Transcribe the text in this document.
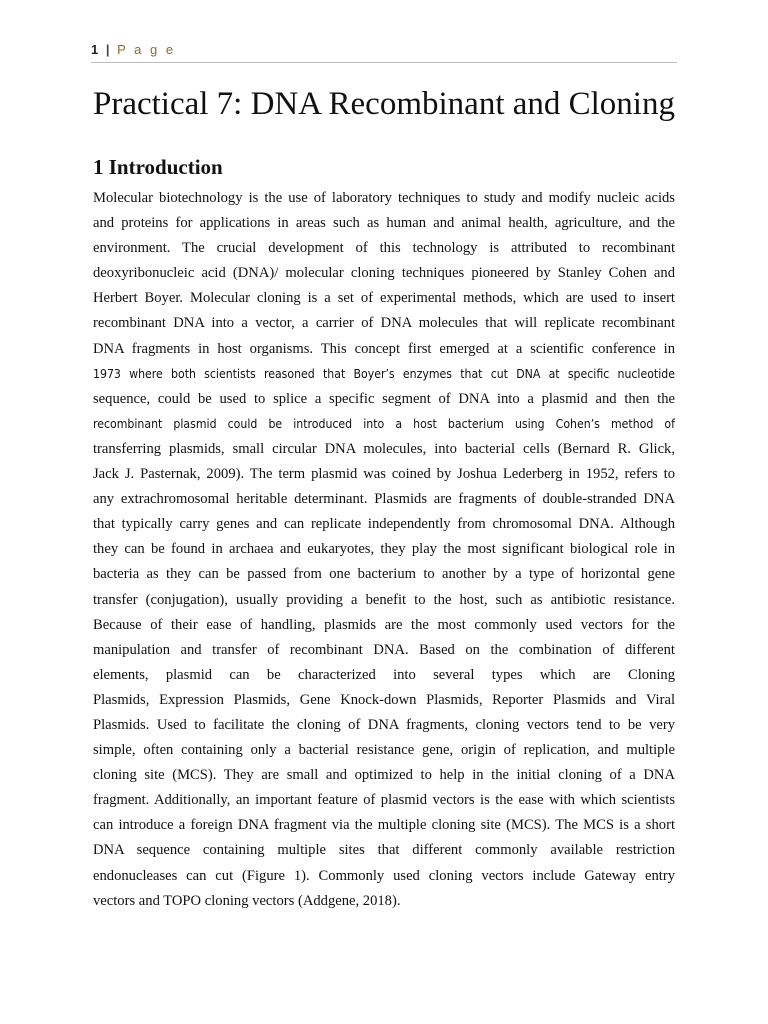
1 | P a g e
Practical 7: DNA Recombinant and Cloning
1 Introduction
Molecular biotechnology is the use of laboratory techniques to study and modify nucleic acids
and proteins for applications in areas such as human and animal health, agriculture, and the
environment. The crucial development of this technology is attributed to recombinant
deoxyribonucleic acid (DNA)/ molecular cloning techniques pioneered by Stanley Cohen and
Herbert Boyer. Molecular cloning is a set of experimental methods, which are used to insert
recombinant DNA into a vector, a carrier of DNA molecules that will replicate recombinant
DNA fragments in host organisms. This concept first emerged at a scientific conference in
1973 where both scientists reasoned that Boyer’s enzymes that cut DNA at specific nucleotide
sequence, could be used to splice a specific segment of DNA into a plasmid and then the
recombinant plasmid could be introduced into a host bacterium using Cohen’s method of
transferring plasmids, small circular DNA molecules, into bacterial cells (Bernard R. Glick,
Jack J. Pasternak, 2009). The term plasmid was coined by Joshua Lederberg in 1952, refers to
any extrachromosomal heritable determinant. Plasmids are fragments of double-stranded DNA
that typically carry genes and can replicate independently from chromosomal DNA. Although
they can be found in archaea and eukaryotes, they play the most significant biological role in
bacteria as they can be passed from one bacterium to another by a type of horizontal gene
transfer (conjugation), usually providing a benefit to the host, such as antibiotic resistance.
Because of their ease of handling, plasmids are the most commonly used vectors for the
manipulation and transfer of recombinant DNA. Based on the combination of different
elements, plasmid can be characterized into several types which are Cloning
Plasmids, Expression Plasmids, Gene Knock-down Plasmids, Reporter Plasmids and Viral
Plasmids. Used to facilitate the cloning of DNA fragments, cloning vectors tend to be very
simple, often containing only a bacterial resistance gene, origin of replication, and multiple
cloning site (MCS). They are small and optimized to help in the initial cloning of a DNA
fragment. Additionally, an important feature of plasmid vectors is the ease with which scientists
can introduce a foreign DNA fragment via the multiple cloning site (MCS). The MCS is a short
DNA sequence containing multiple sites that different commonly available restriction
endonucleases can cut (Figure 1). Commonly used cloning vectors include Gateway entry
vectors and TOPO cloning vectors (Addgene, 2018).
